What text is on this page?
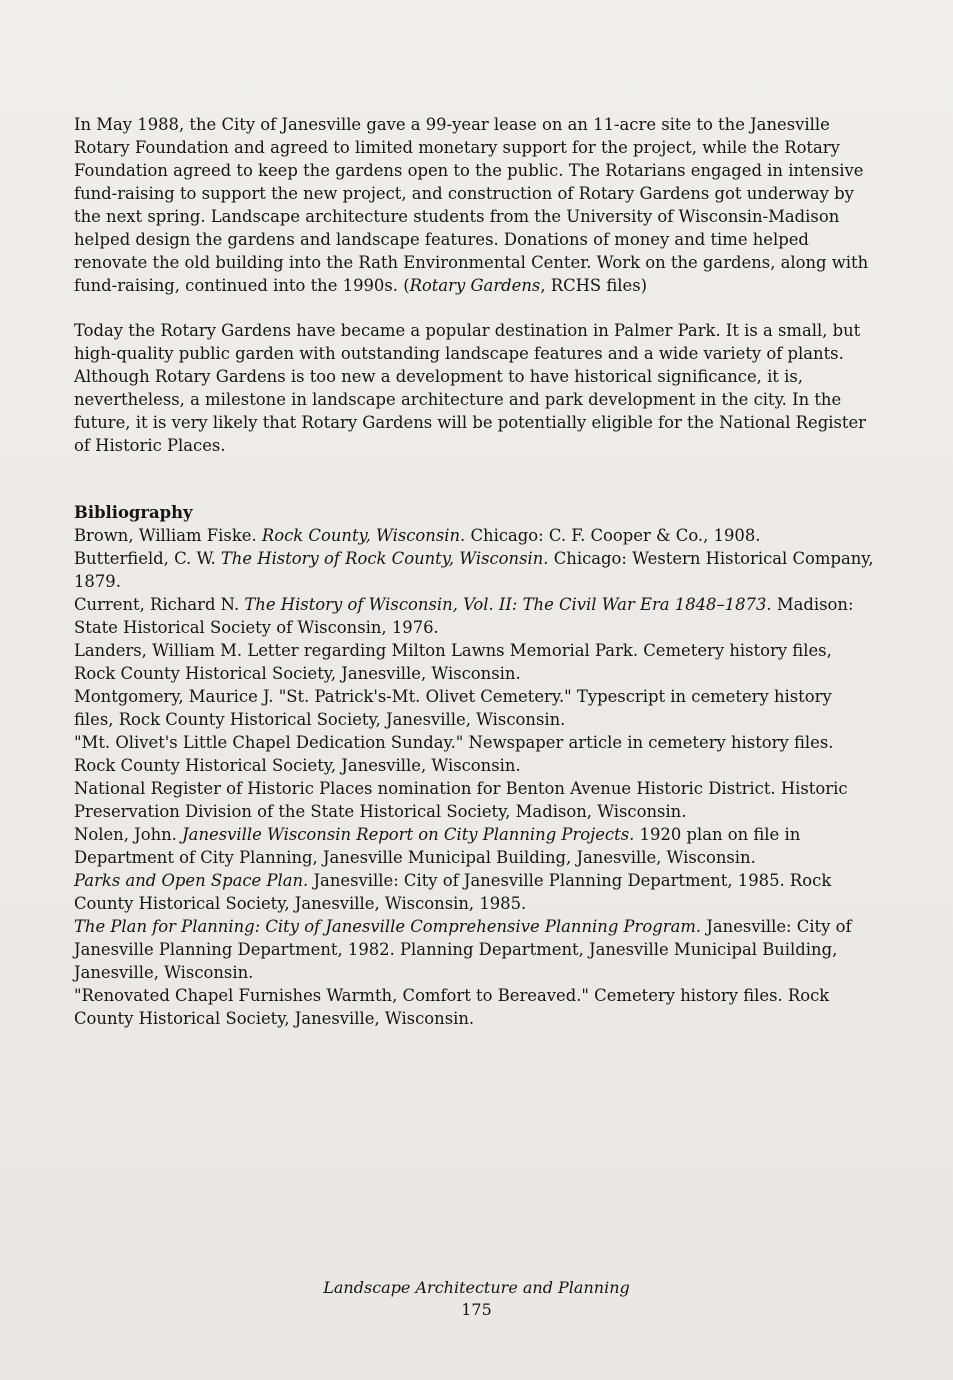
In May 1988, the City of Janesville gave a 99-year lease on an 11-acre site to the Janesville Rotary Foundation and agreed to limited monetary support for the project, while the Rotary Foundation agreed to keep the gardens open to the public. The Rotarians engaged in intensive fund-raising to support the new project, and construction of Rotary Gardens got underway by the next spring. Landscape architecture students from the University of Wisconsin-Madison helped design the gardens and landscape features. Donations of money and time helped renovate the old building into the Rath Environmental Center. Work on the gardens, along with fund-raising, continued into the 1990s. (Rotary Gardens, RCHS files)

Today the Rotary Gardens have became a popular destination in Palmer Park. It is a small, but high-quality public garden with outstanding landscape features and a wide variety of plants. Although Rotary Gardens is too new a development to have historical significance, it is, nevertheless, a milestone in landscape architecture and park development in the city. In the future, it is very likely that Rotary Gardens will be potentially eligible for the National Register of Historic Places.

Bibliography

Brown, William Fiske. Rock County, Wisconsin. Chicago: C. F. Cooper & Co., 1908.

Butterfield, C. W. The History of Rock County, Wisconsin. Chicago: Western Historical Company, 1879.

Current, Richard N. The History of Wisconsin, Vol. II: The Civil War Era 1848–1873. Madison: State Historical Society of Wisconsin, 1976.

Landers, William M. Letter regarding Milton Lawns Memorial Park. Cemetery history files, Rock County Historical Society, Janesville, Wisconsin.

Montgomery, Maurice J. "St. Patrick's-Mt. Olivet Cemetery." Typescript in cemetery history files, Rock County Historical Society, Janesville, Wisconsin.

"Mt. Olivet's Little Chapel Dedication Sunday." Newspaper article in cemetery history files. Rock County Historical Society, Janesville, Wisconsin.

National Register of Historic Places nomination for Benton Avenue Historic District. Historic Preservation Division of the State Historical Society, Madison, Wisconsin.

Nolen, John. Janesville Wisconsin Report on City Planning Projects. 1920 plan on file in Department of City Planning, Janesville Municipal Building, Janesville, Wisconsin.

Parks and Open Space Plan. Janesville: City of Janesville Planning Department, 1985. Rock County Historical Society, Janesville, Wisconsin, 1985.

The Plan for Planning: City of Janesville Comprehensive Planning Program. Janesville: City of Janesville Planning Department, 1982. Planning Department, Janesville Municipal Building, Janesville, Wisconsin.

"Renovated Chapel Furnishes Warmth, Comfort to Bereaved." Cemetery history files. Rock County Historical Society, Janesville, Wisconsin.

Landscape Architecture and Planning
175
